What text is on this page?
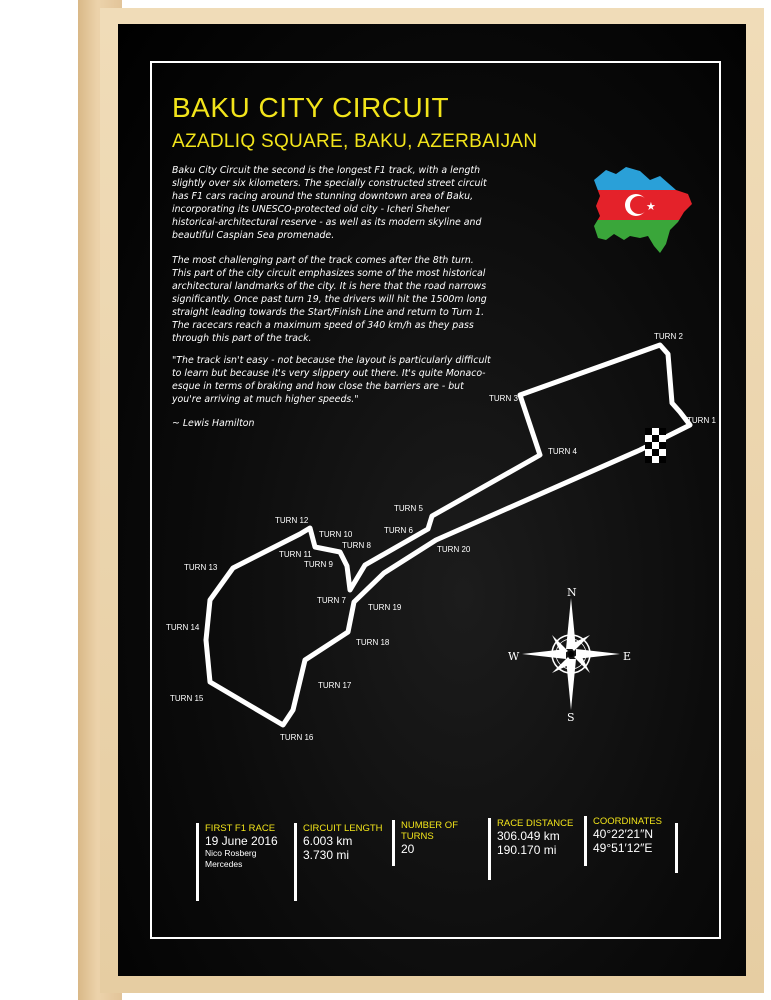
BAKU CITY CIRCUIT
AZADLIQ SQUARE, BAKU, AZERBAIJAN

Baku City Circuit the second is the longest F1 track, with a length slightly over six kilometers. The specially constructed street circuit has F1 cars racing around the stunning downtown area of Baku, incorporating its UNESCO-protected old city - Icheri Sheher historical-architectural reserve - as well as its modern skyline and beautiful Caspian Sea promenade.

The most challenging part of the track comes after the 8th turn. This part of the city circuit emphasizes some of the most historical architectural landmarks of the city. It is here that the road narrows significantly. Once past turn 19, the drivers will hit the 1500m long straight leading towards the Start/Finish Line and return to Turn 1. The racecars reach a maximum speed of 340 km/h as they pass through this part of the track.

"The track isn't easy - not because the layout is particularly difficult to learn but because it's very slippery out there. It's quite Monaco-esque in terms of braking and how close the barriers are - but you're arriving at much higher speeds."

~ Lewis Hamilton

★
TURN 1
TURN 2
TURN 3
TURN 4
TURN 5
TURN 6
TURN 7
TURN 8
TURN 9
TURN 10
TURN 11
TURN 12
TURN 13
TURN 14
TURN 15
TURN 16
TURN 17
TURN 18
TURN 19
TURN 20
N
S
E
W
FIRST F1 RACE
19 June 2016
Nico Rosberg
Mercedes
CIRCUIT LENGTH
6.003 km
3.730 mi
NUMBER OF TURNS
20
RACE DISTANCE
306.049 km
190.170 mi
COORDINATES
40°22′21″N
49°51′12″E
